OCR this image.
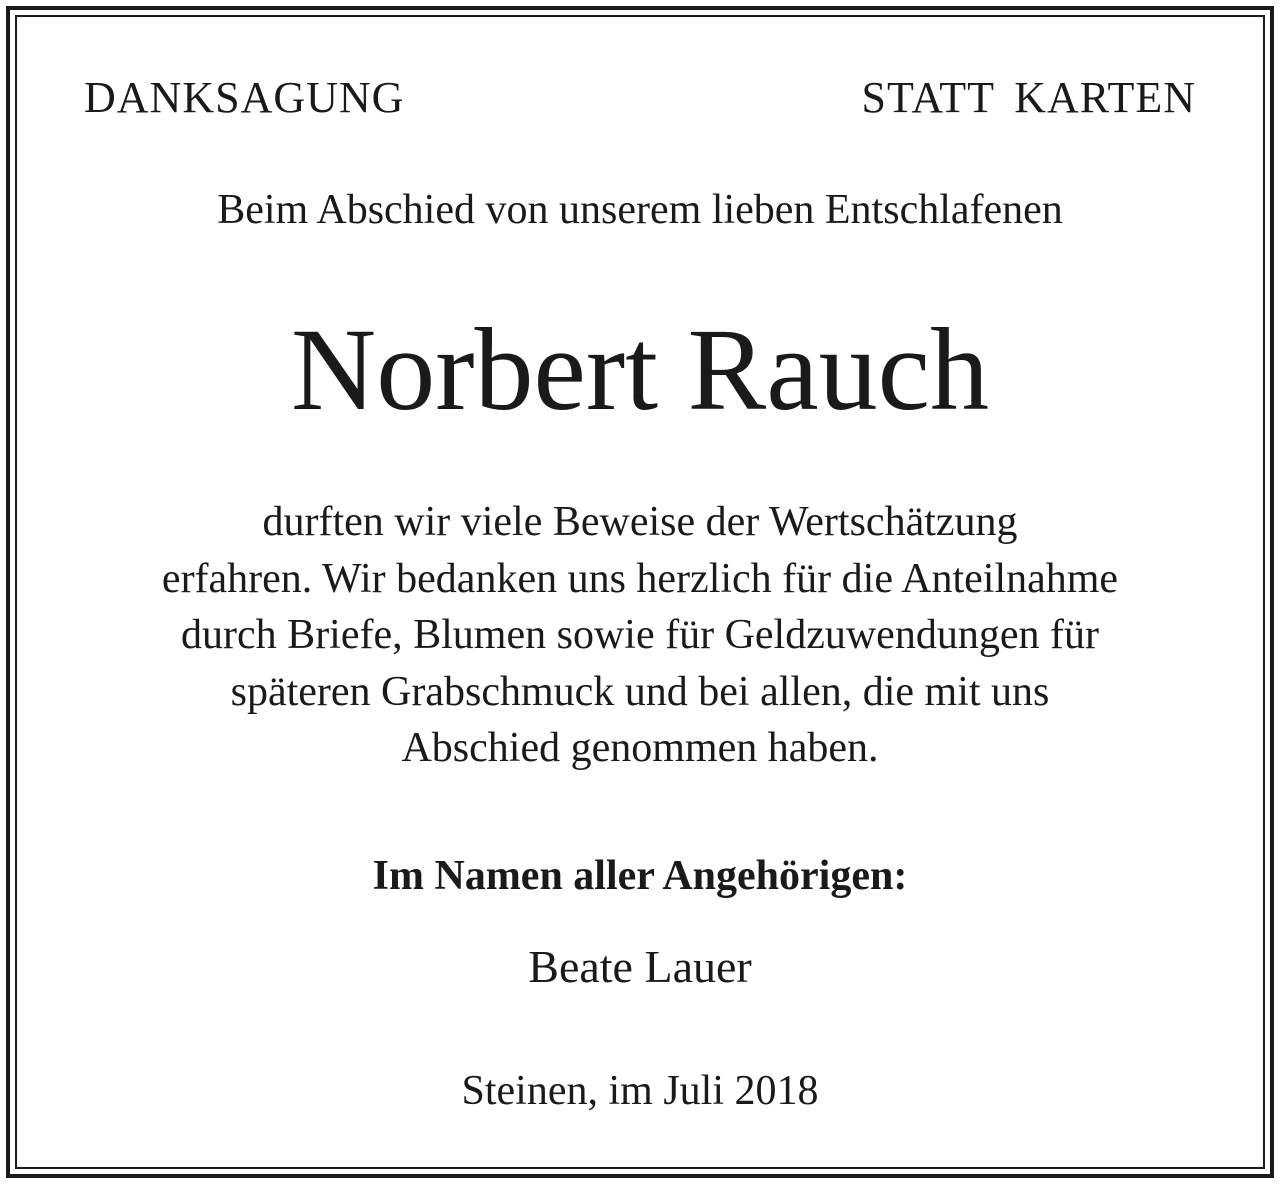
DANKSAGUNG	STATT KARTEN

Beim Abschied von unserem lieben Entschlafenen

Norbert Rauch

durften wir viele Beweise der Wertschätzung
erfahren. Wir bedanken uns herzlich für die Anteilnahme
durch Briefe, Blumen sowie für Geldzuwendungen für
späteren Grabschmuck und bei allen, die mit uns
Abschied genommen haben.

Im Namen aller Angehörigen:

Beate Lauer

Steinen, im Juli 2018
